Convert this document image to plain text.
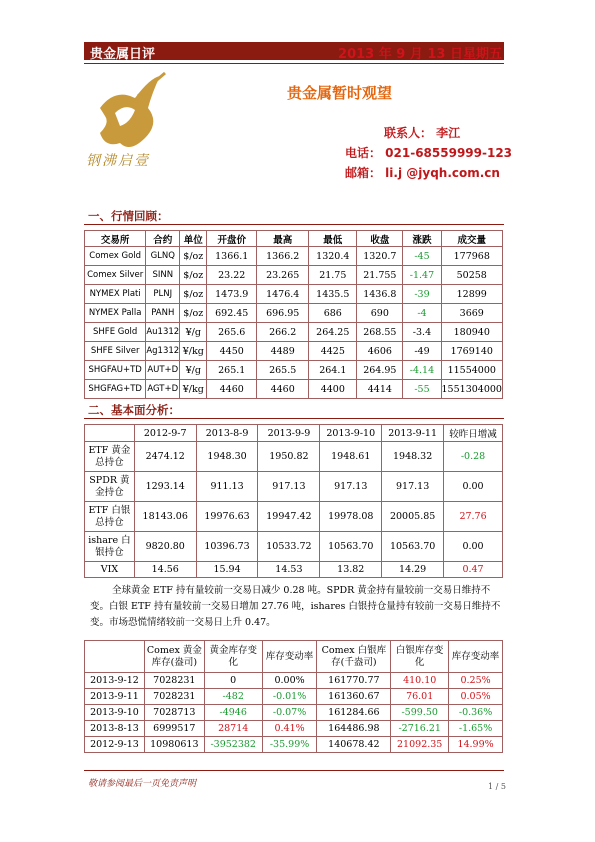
贵金属日评	2013 年 9 月 13 日星期五
钢沸启壹
贵金属暂时观望
联系人： 李江
电话： 021-68559999-123
邮箱： li.j @jyqh.com.cn
一、行情回顾：
交易所	合约	单位	开盘价	最高	最低	收盘	涨跌	成交量
Comex Gold	GLNQ	$/oz	1366.1	1366.2	1320.4	1320.7	-45	177968
Comex Silver	SINN	$/oz	23.22	23.265	21.75	21.755	-1.47	50258
NYMEX Plati	PLNJ	$/oz	1473.9	1476.4	1435.5	1436.8	-39	12899
NYMEX Palla	PANH	$/oz	692.45	696.95	686	690	-4	3669
SHFE Gold	Au1312	¥/g	265.6	266.2	264.25	268.55	-3.4	180940
SHFE Silver	Ag1312	¥/kg	4450	4489	4425	4606	-49	1769140
SHGFAU+TD	AUT+D	¥/g	265.1	265.5	264.1	264.95	-4.14	11554000
SHGFAG+TD	AGT+D	¥/kg	4460	4460	4400	4414	-55	1551304000
二、基本面分析：
	2012-9-7	2013-8-9	2013-9-9	2013-9-10	2013-9-11	较昨日增减
ETF 黄金总持仓	2474.12	1948.30	1950.82	1948.61	1948.32	-0.28
SPDR 黄金持仓	1293.14	911.13	917.13	917.13	917.13	0.00
ETF 白银总持仓	18143.06	19976.63	19947.42	19978.08	20005.85	27.76
ishare 白银持仓	9820.80	10396.73	10533.72	10563.70	10563.70	0.00
VIX	14.56	15.94	14.53	13.82	14.29	0.47
全球黄金 ETF 持有量较前一交易日减少 0.28 吨。SPDR 黄金持有量较前一交易日维持不变。白银 ETF 持有量较前一交易日增加 27.76 吨，ishares 白银持仓量持有较前一交易日维持不变。市场恐慌情绪较前一交易日上升 0.47。
	Comex 黄金库存(盎司)	黄金库存变化	库存变动率	Comex 白银库存(千盎司)	白银库存变化	库存变动率
2013-9-12	7028231	0	0.00%	161770.77	410.10	0.25%
2013-9-11	7028231	-482	-0.01%	161360.67	76.01	0.05%
2013-9-10	7028713	-4946	-0.07%	161284.66	-599.50	-0.36%
2013-8-13	6999517	28714	0.41%	164486.98	-2716.21	-1.65%
2012-9-13	10980613	-3952382	-35.99%	140678.42	21092.35	14.99%
敬请参阅最后一页免责声明	1 / 5
